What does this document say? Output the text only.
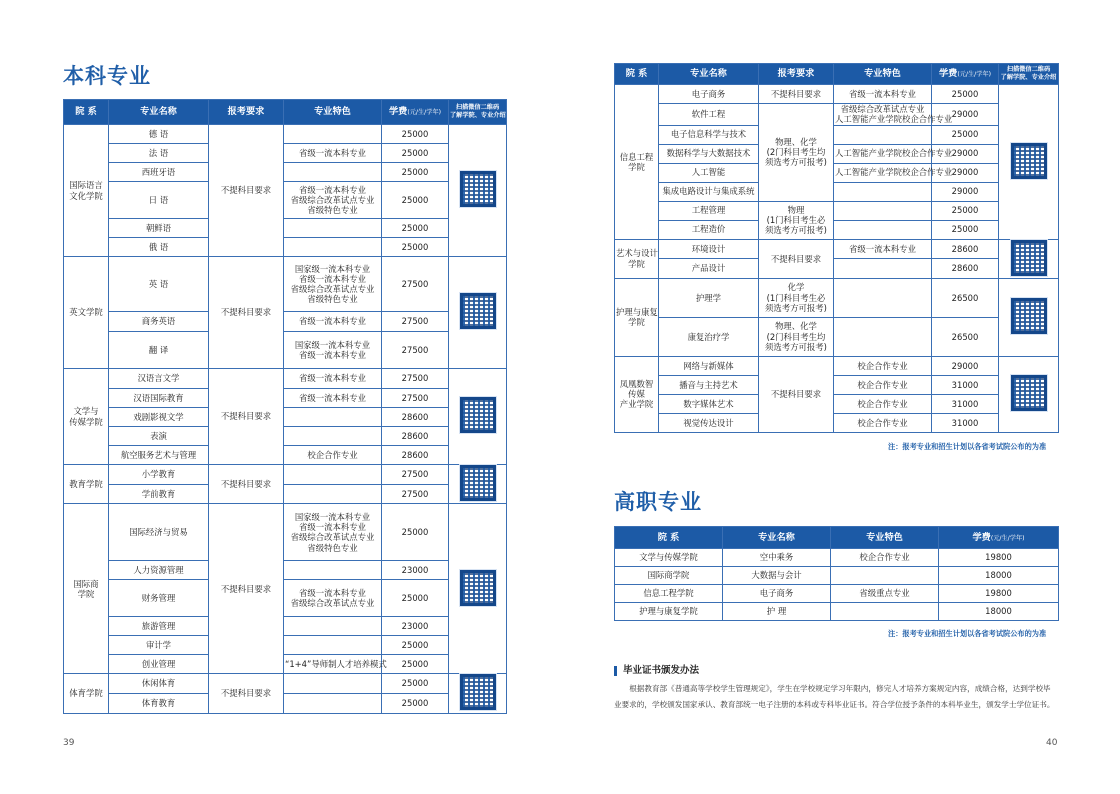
本科专业
院 系	专业名称	报考要求	专业特色	学费(元/生/学年)	扫描微信二维码
了解学院、专业介绍

国际语言
文化学院	德 语	不提科目要求		25000	
	法 语		省级一流本科专业	25000	
	西班牙语			25000	
	日 语		省级一流本科专业
省级综合改革试点专业
省级特色专业	25000	
	朝鲜语			25000	
	俄 语			25000	
英文学院	英 语	不提科目要求	国家级一流本科专业
省级一流本科专业
省级综合改革试点专业
省级特色专业	27500	
	商务英语		省级一流本科专业	27500	
	翻 译		国家级一流本科专业
省级一流本科专业	27500	

文学与
传媒学院	汉语言文学	不提科目要求	省级一流本科专业	27500	
	汉语国际教育		省级一流本科专业	27500	
	戏剧影视文学			28600	
	表演			28600	
	航空服务艺术与管理		校企合作专业	28600	
教育学院	小学教育	不提科目要求		27500	
	学前教育			27500	

国际商
学院	国际经济与贸易	不提科目要求	国家级一流本科专业
省级一流本科专业
省级综合改革试点专业
省级特色专业	25000	
	人力资源管理			23000	
	财务管理		省级一流本科专业
省级综合改革试点专业	25000	
	旅游管理			23000	
	审计学			25000	
	创业管理		“1+4”导师制人才培养模式	25000	
体育学院	休闲体育	不提科目要求		25000	
	体育教育			25000	
39
院 系	专业名称	报考要求	专业特色	学费(元/生/学年)	扫描微信二维码
了解学院、专业介绍

信息工程
学院	电子商务	不提科目要求	省级一流本科专业	25000	
	软件工程	物理、化学
(2门科目考生均
须选考方可报考)	省级综合改革试点专业
人工智能产业学院校企合作专业	29000	
	电子信息科学与技术			25000	
	数据科学与大数据技术		人工智能产业学院校企合作专业	29000	
	人工智能		人工智能产业学院校企合作专业	29000	
	集成电路设计与集成系统			29000	
	工程管理	物理
(1门科目考生必
须选考方可报考)		25000	
	工程造价			25000	

艺术与设计
学院	环境设计	不提科目要求	省级一流本科专业	28600	
	产品设计			28600	

护理与康复
学院	护理学	化学
(1门科目考生必
须选考方可报考)		26500	
	康复治疗学	物理、化学
(2门科目考生均
须选考方可报考)		26500	

凤凰数智
传媒
产业学院	网络与新媒体	不提科目要求	校企合作专业	29000	
	播音与主持艺术		校企合作专业	31000	
	数字媒体艺术		校企合作专业	31000	
	视觉传达设计		校企合作专业	31000	
注：报考专业和招生计划以各省考试院公布的为准
高职专业
院 系	专业名称	专业特色	学费(元/生/学年)
文学与传媒学院	空中乘务	校企合作专业	19800
国际商学院	大数据与会计		18000
信息工程学院	电子商务	省级重点专业	19800
护理与康复学院	护 理		18000
注：报考专业和招生计划以各省考试院公布的为准
毕业证书颁发办法
根据教育部《普通高等学校学生管理规定》，学生在学校规定学习年限内，修完人才培养方案规定内容，成绩合格，达到学校毕业要求的，学校颁发国家承认、教育部统一电子注册的本科或专科毕业证书。符合学位授予条件的本科毕业生，颁发学士学位证书。
40
